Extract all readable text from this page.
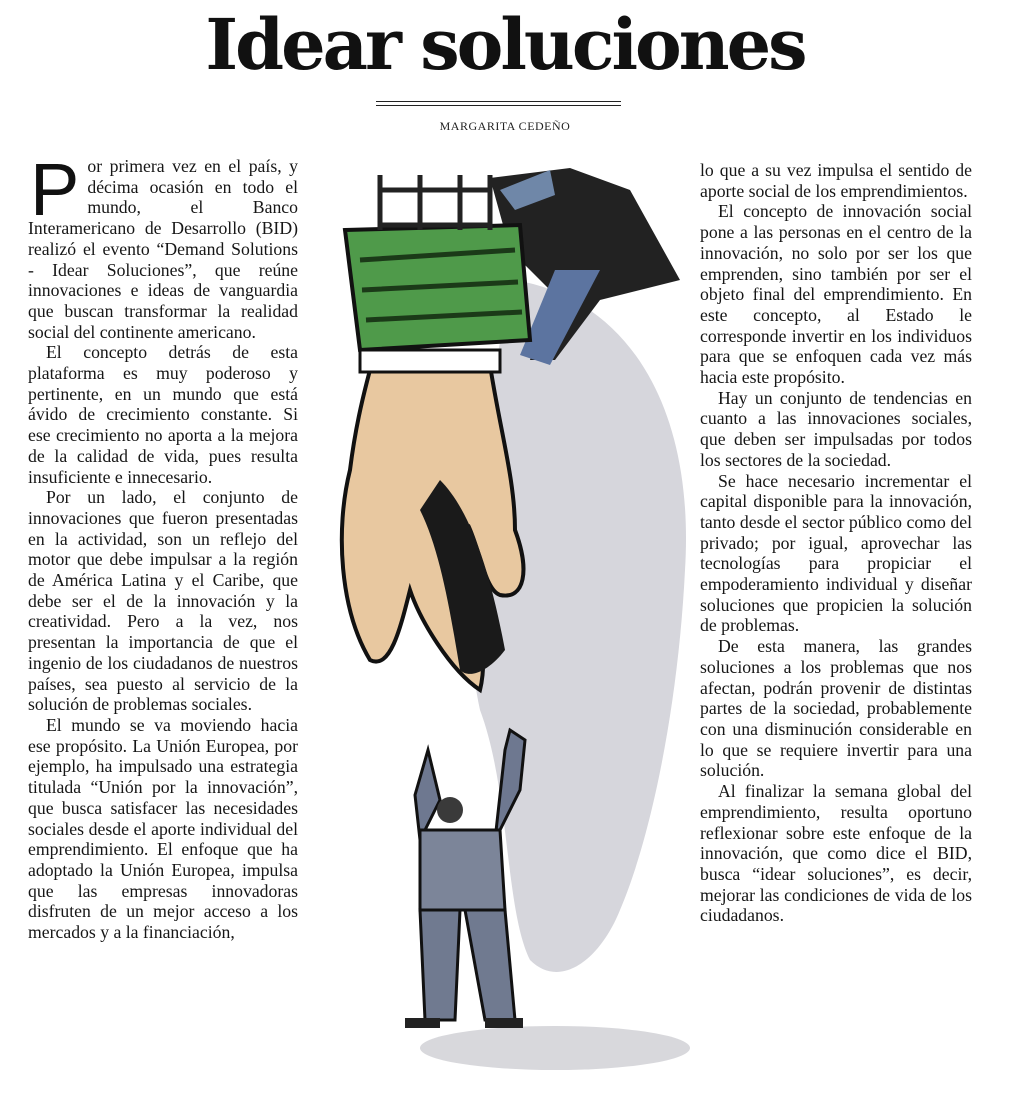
Idear soluciones
MARGARITA CEDEÑO

Por primera vez en el país, y décima ocasión en todo el mundo, el Banco Interamericano de Desarrollo (BID) realizó el evento “Demand Solutions - Idear Soluciones”, que reúne innovaciones e ideas de vanguardia que buscan transformar la realidad social del continente americano.

El concepto detrás de esta plataforma es muy poderoso y pertinente, en un mundo que está ávido de crecimiento constante. Si ese crecimiento no aporta a la mejora de la calidad de vida, pues resulta insuficiente e innecesario.

Por un lado, el conjunto de innovaciones que fueron presentadas en la actividad, son un reflejo del motor que debe impulsar a la región de América Latina y el Caribe, que debe ser el de la innovación y la creatividad. Pero a la vez, nos presentan la importancia de que el ingenio de los ciudadanos de nuestros países, sea puesto al servicio de la solución de problemas sociales.

El mundo se va moviendo hacia ese propósito. La Unión Europea, por ejemplo, ha impulsado una estrategia titulada “Unión por la innovación”, que busca satisfacer las necesidades sociales desde el aporte individual del emprendimiento. El enfoque que ha adoptado la Unión Europea, impulsa que las empresas innovadoras disfruten de un mejor acceso a los mercados y a la financiación,

lo que a su vez impulsa el sentido de aporte social de los emprendimientos.

El concepto de innovación social pone a las personas en el centro de la innovación, no solo por ser los que emprenden, sino también por ser el objeto final del emprendimiento. En este concepto, al Estado le corresponde invertir en los individuos para que se enfoquen cada vez más hacia este propósito.

Hay un conjunto de tendencias en cuanto a las innovaciones sociales, que deben ser impulsadas por todos los sectores de la sociedad.

Se hace necesario incrementar el capital disponible para la innovación, tanto desde el sector público como del privado; por igual, aprovechar las tecnologías para propiciar el empoderamiento individual y diseñar soluciones que propicien la solución de problemas.

De esta manera, las grandes soluciones a los problemas que nos afectan, podrán provenir de distintas partes de la sociedad, probablemente con una disminución considerable en lo que se requiere invertir para una solución.

Al finalizar la semana global del emprendimiento, resulta oportuno reflexionar sobre este enfoque de la innovación, que como dice el BID, busca “idear soluciones”, es decir, mejorar las condiciones de vida de los ciudadanos.
